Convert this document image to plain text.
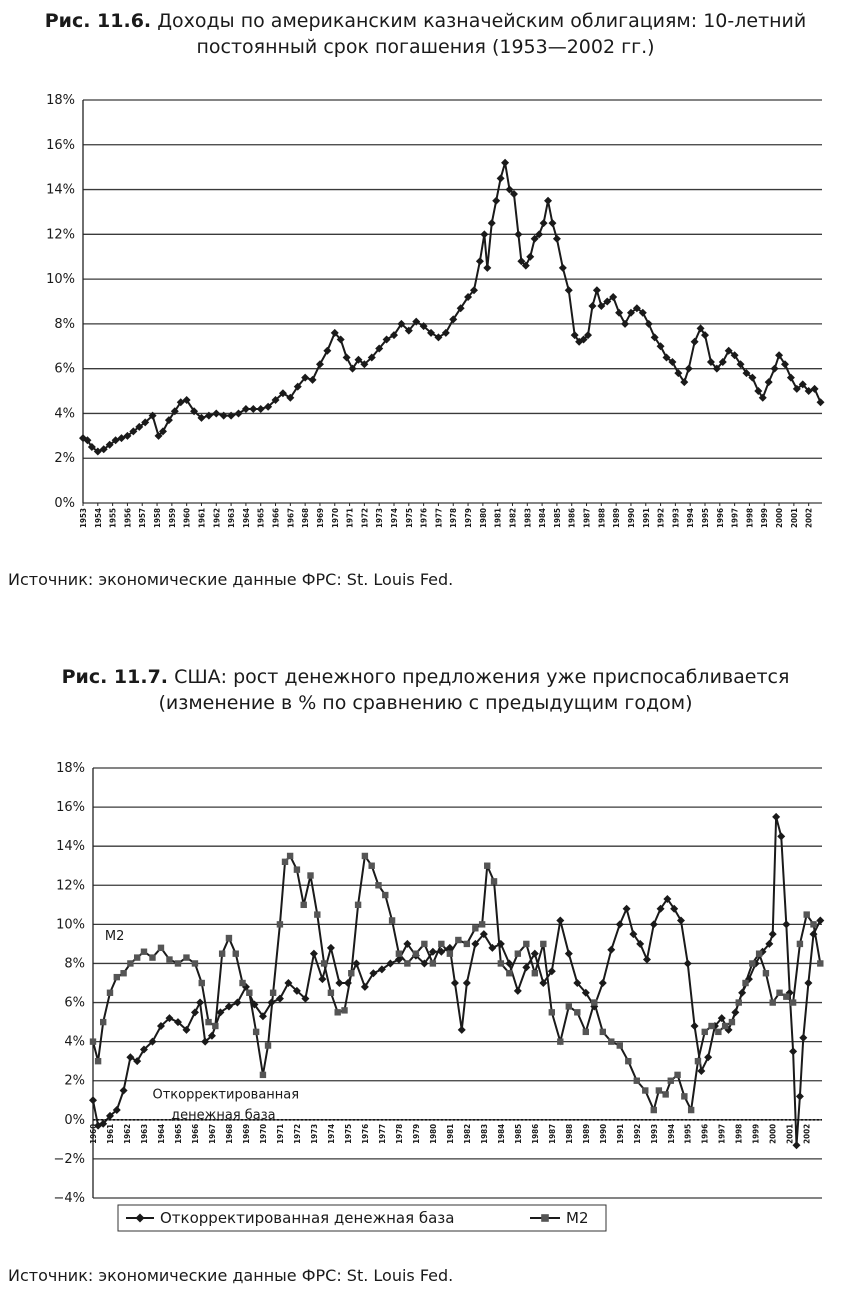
Рис. 11.6. Доходы по американским казначейским облигациям: 10-летний
постоянный срок погашения (1953—2002 гг.)
0%
2%
4%
6%
8%
10%
12%
14%
16%
18%
1953 1954 1955 1956 1957 1958 1959 1960 1961 1962 1963 1964 1965 1966 1967 1968 1969 1970 1971 1972 1973 1974 1975 1976 1977 1978 1979 1980 1981 1982 1983 1984 1985 1986 1987 1988 1989 1990 1991 1992 1993 1994 1995 1996 1997 1998 1999 2000 2001 2002
Источник: экономические данные ФРС: St. Louis Fed.
Рис. 11.7. США: рост денежного предложения уже приспосабливается
(изменение в % по сравнению с предыдущим годом)
−4%
−2%
0%
2%
4%
6%
8%
10%
12%
14%
16%
18%
1960 1961 1962 1963 1964 1965 1966 1967 1968 1969 1970 1971 1972 1973 1974 1975 1976 1977 1978 1979 1980 1981 1982 1983 1984 1985 1986 1987 1988 1989 1990 1991 1992 1993 1994 1995 1996 1997 1998 1999 2000 2001 2002
M2
Откорректированная
денежная база
Откорректированная денежная база	M2
Источник: экономические данные ФРС: St. Louis Fed.
